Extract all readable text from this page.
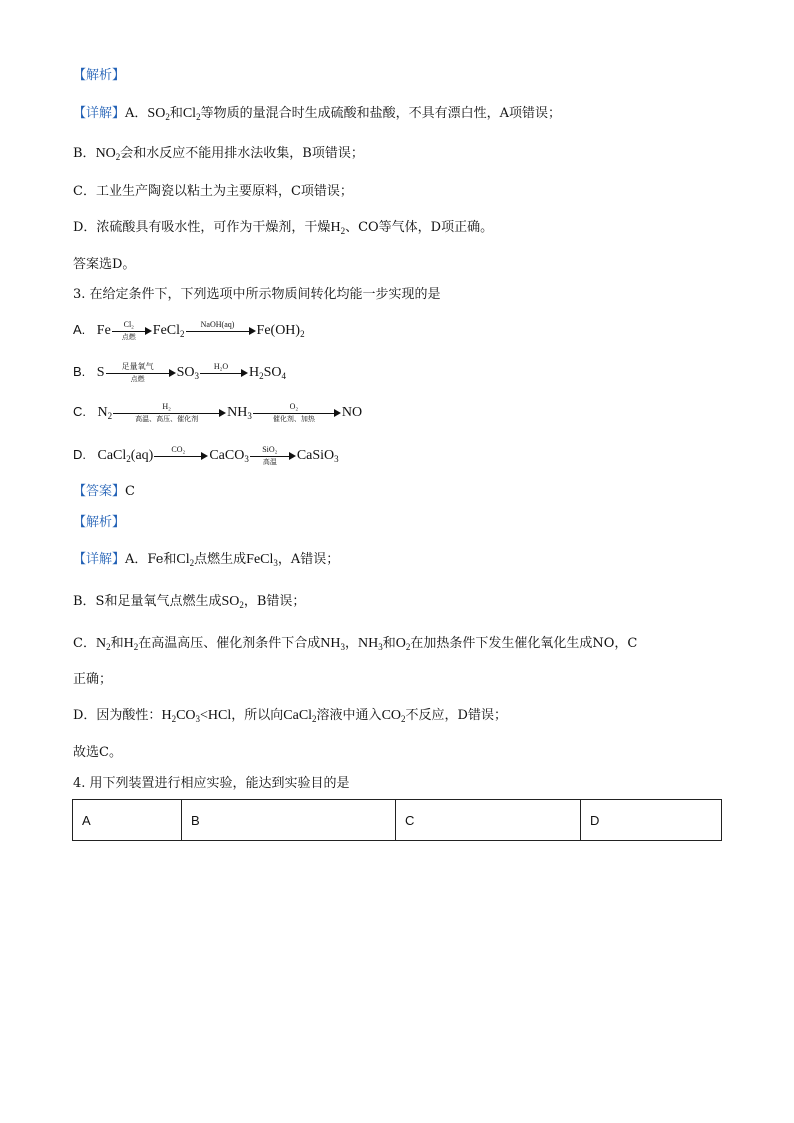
【解析】
【详解】A．$SO_2$和$Cl_2$等物质的量混合时生成硫酸和盐酸，不具有漂白性，A项错误；
B．$NO_2$会和水反应不能用排水法收集，B项错误；
C．工业生产陶瓷以粘土为主要原料，C项错误；
D．浓硫酸具有吸水性，可作为干燥剂，干燥$H_2$、CO等气体，D项正确。
答案选D。
3. 在给定条件下，下列选项中所示物质间转化均能一步实现的是
A. Fe	Cl₂
点燃	FeCl$_2$
NaOH(aq)	$Fe(OH)_2$
B. S	足量氧气
点燃	$SO_3$
H₂O	$H_2SO_4$
C. $N_2$
H₂
高温、高压、催化剂	$NH_3$
O₂
催化剂、加热	NO
D. CaCl$_2$(aq)	CO₂	CaCO$_3$
SiO₂
高温	CaSiO$_3$
【答案】C
【解析】
【详解】A．Fe和$Cl_2$点燃生成FeCl$_3$，A错误；
B．S和足量氧气点燃生成$SO_2$，B错误；
C．$N_2$和$H_2$在高温高压、催化剂条件下合成$NH_3$，$NH_3$和$O_2$在加热条件下发生催化氧化生成NO，C
正确；
D．因为酸性：$H_2CO_3<HCl$，所以向CaCl$_2$溶液中通入$CO_2$不反应，D错误；
故选C。
4. 用下列装置进行相应实验，能达到实验目的是
A	B	C	D
